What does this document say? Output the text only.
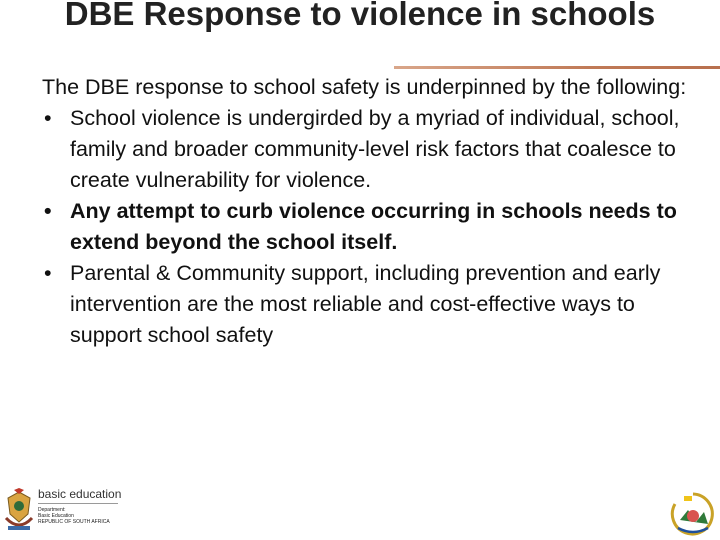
DBE Response to violence in schools

The DBE response to school safety is underpinned by the following:

• School violence is undergirded by a myriad of individual, school, family and broader community-level risk factors that coalesce to create vulnerability for violence.
• Any attempt to curb violence occurring in schools needs to extend beyond the school itself.
• Parental & Community support, including prevention and early intervention are the most reliable and cost-effective ways to support school safety
basic education
Department:
Basic Education
REPUBLIC OF SOUTH AFRICA
